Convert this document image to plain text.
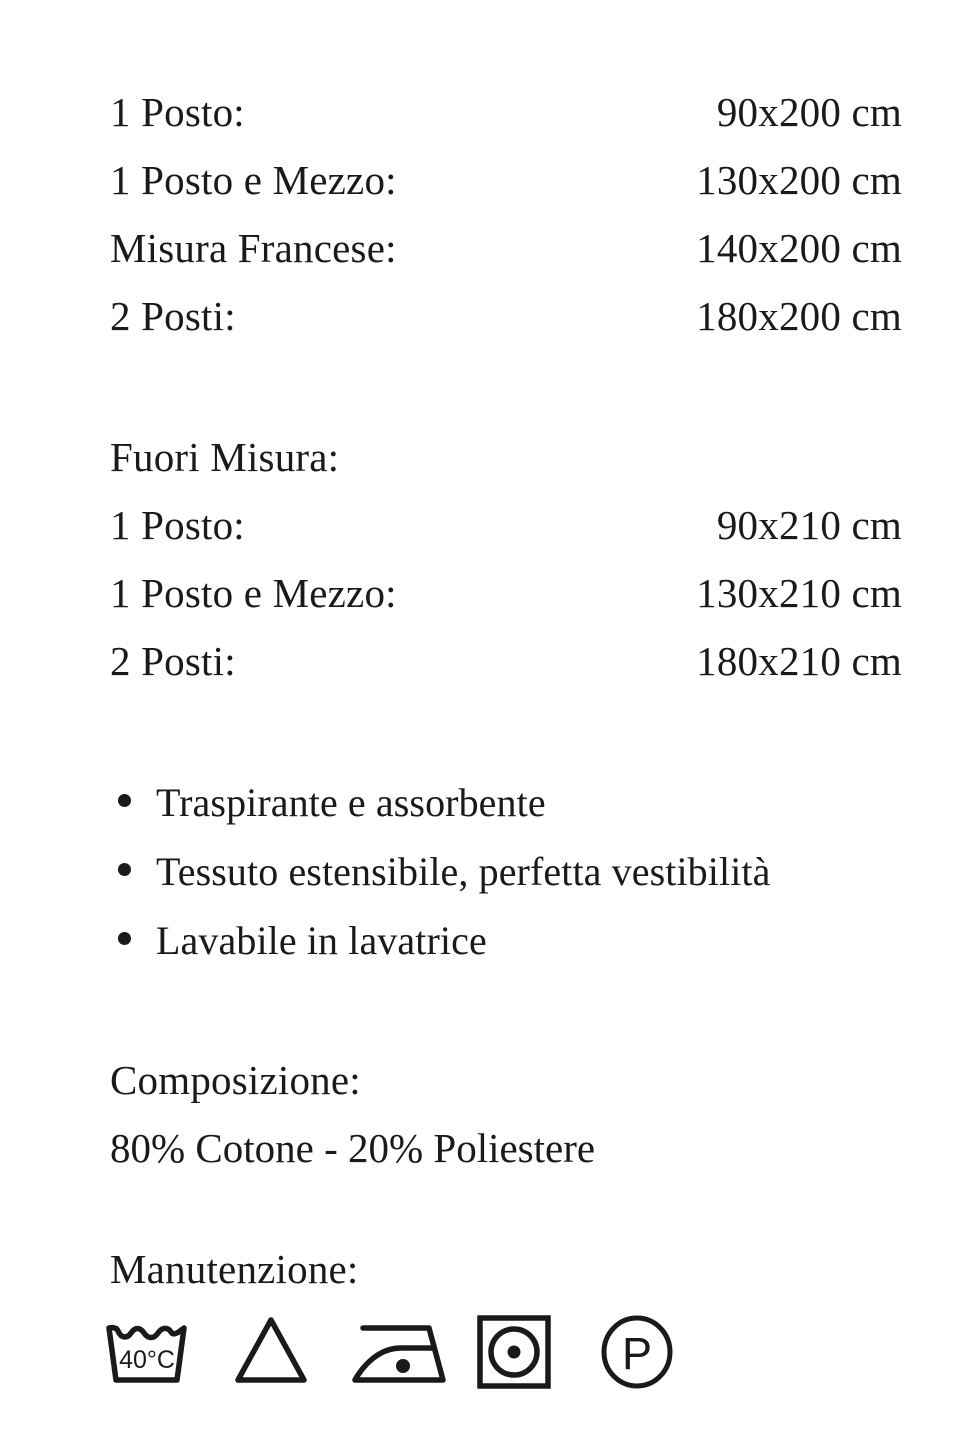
1 Posto:	90x200 cm
1 Posto e Mezzo:	130x200 cm
Misura Francese:	140x200 cm
2 Posti:	180x200 cm
Fuori Misura:
1 Posto:	90x210 cm
1 Posto e Mezzo:	130x210 cm
2 Posti:	180x210 cm
Traspirante e assorbente
Tessuto estensibile, perfetta vestibilità
Lavabile in lavatrice
Composizione:
80% Cotone - 20% Poliestere
Manutenzione:
40°C	P
